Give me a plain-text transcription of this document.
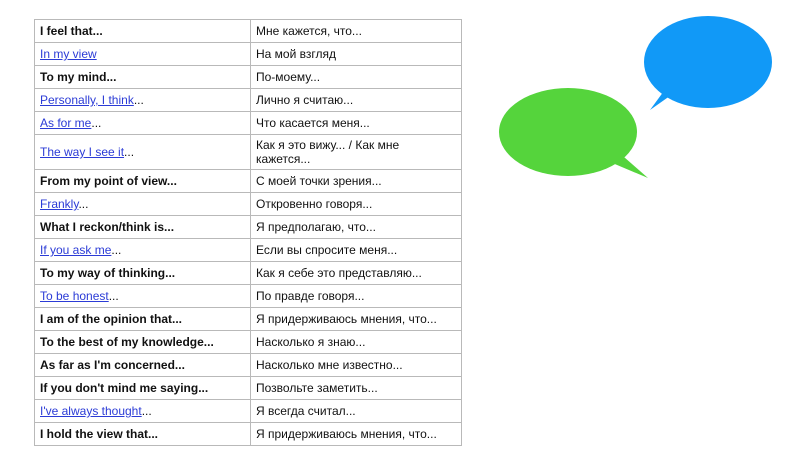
I feel that...	Мне кажется, что...
In my view	На мой взгляд
To my mind...	По-моему...
Personally, I think...	Лично я считаю...
As for me...	Что касается меня...
The way I see it...	Как я это вижу... / Как мне кажется...
From my point of view...	С моей точки зрения...
Frankly...	Откровенно говоря...
What I reckon/think is...	Я предполагаю, что...
If you ask me...	Если вы спросите меня...
To my way of thinking...	Как я себе это представляю...
To be honest...	По правде говоря...
I am of the opinion that...	Я придерживаюсь мнения, что...
To the best of my knowledge...	Насколько я знаю...
As far as I'm concerned...	Насколько мне известно...
If you don't mind me saying...	Позвольте заметить...
I've always thought...	Я всегда считал...
I hold the view that...	Я придерживаюсь мнения, что...
